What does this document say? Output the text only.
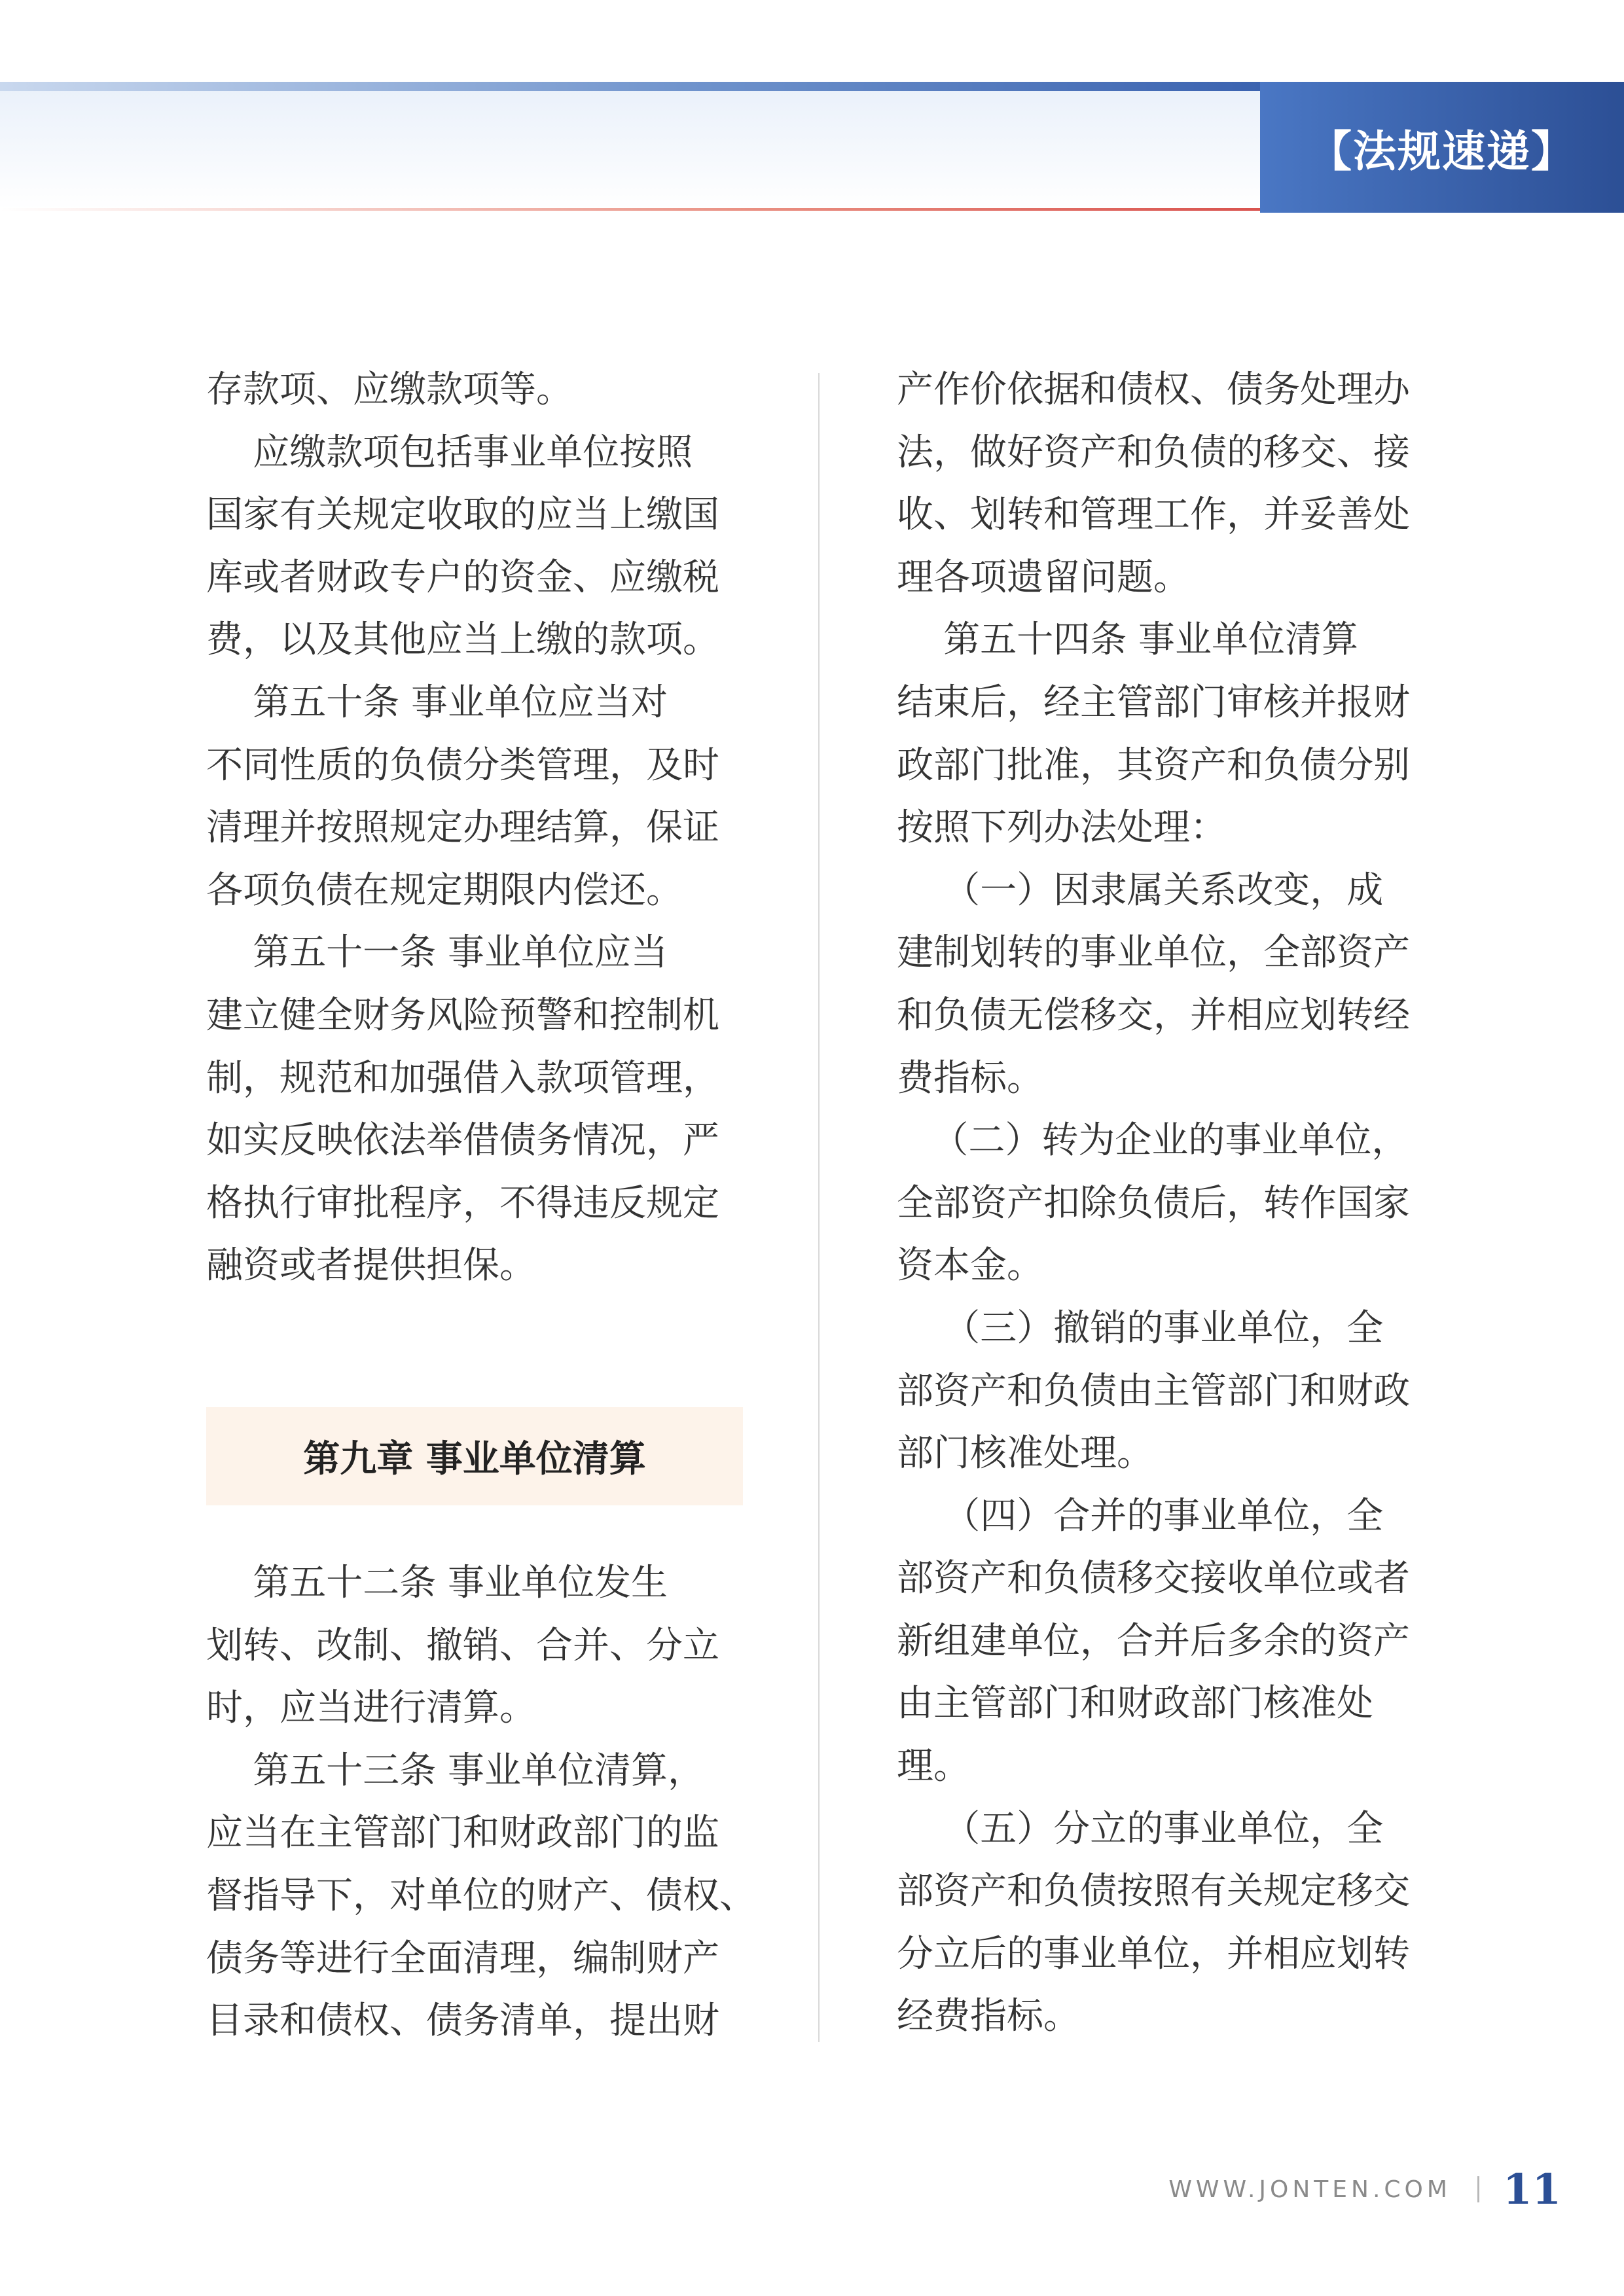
【法规速递】

存款项、应缴款项等。

应缴款项包括事业单位按照

国家有关规定收取的应当上缴国

库或者财政专户的资金、应缴税

费，以及其他应当上缴的款项。

第五十条 事业单位应当对

不同性质的负债分类管理，及时

清理并按照规定办理结算，保证

各项负债在规定期限内偿还。

第五十一条 事业单位应当

建立健全财务风险预警和控制机

制，规范和加强借入款项管理，

如实反映依法举借债务情况，严

格执行审批程序，不得违反规定

融资或者提供担保。

第九章 事业单位清算

第五十二条 事业单位发生

划转、改制、撤销、合并、分立

时，应当进行清算。

第五十三条 事业单位清算，

应当在主管部门和财政部门的监

督指导下，对单位的财产、债权、

债务等进行全面清理，编制财产

目录和债权、债务清单，提出财

产作价依据和债权、债务处理办

法，做好资产和负债的移交、接

收、划转和管理工作，并妥善处

理各项遗留问题。

第五十四条 事业单位清算

结束后，经主管部门审核并报财

政部门批准，其资产和负债分别

按照下列办法处理：

（一）因隶属关系改变，成

建制划转的事业单位，全部资产

和负债无偿移交，并相应划转经

费指标。

（二）转为企业的事业单位，

全部资产扣除负债后，转作国家

资本金。

（三）撤销的事业单位，全

部资产和负债由主管部门和财政

部门核准处理。

（四）合并的事业单位，全

部资产和负债移交接收单位或者

新组建单位，合并后多余的资产

由主管部门和财政部门核准处

理。

（五）分立的事业单位，全

部资产和负债按照有关规定移交

分立后的事业单位，并相应划转

经费指标。

WWW.JONTEN.COM 11
